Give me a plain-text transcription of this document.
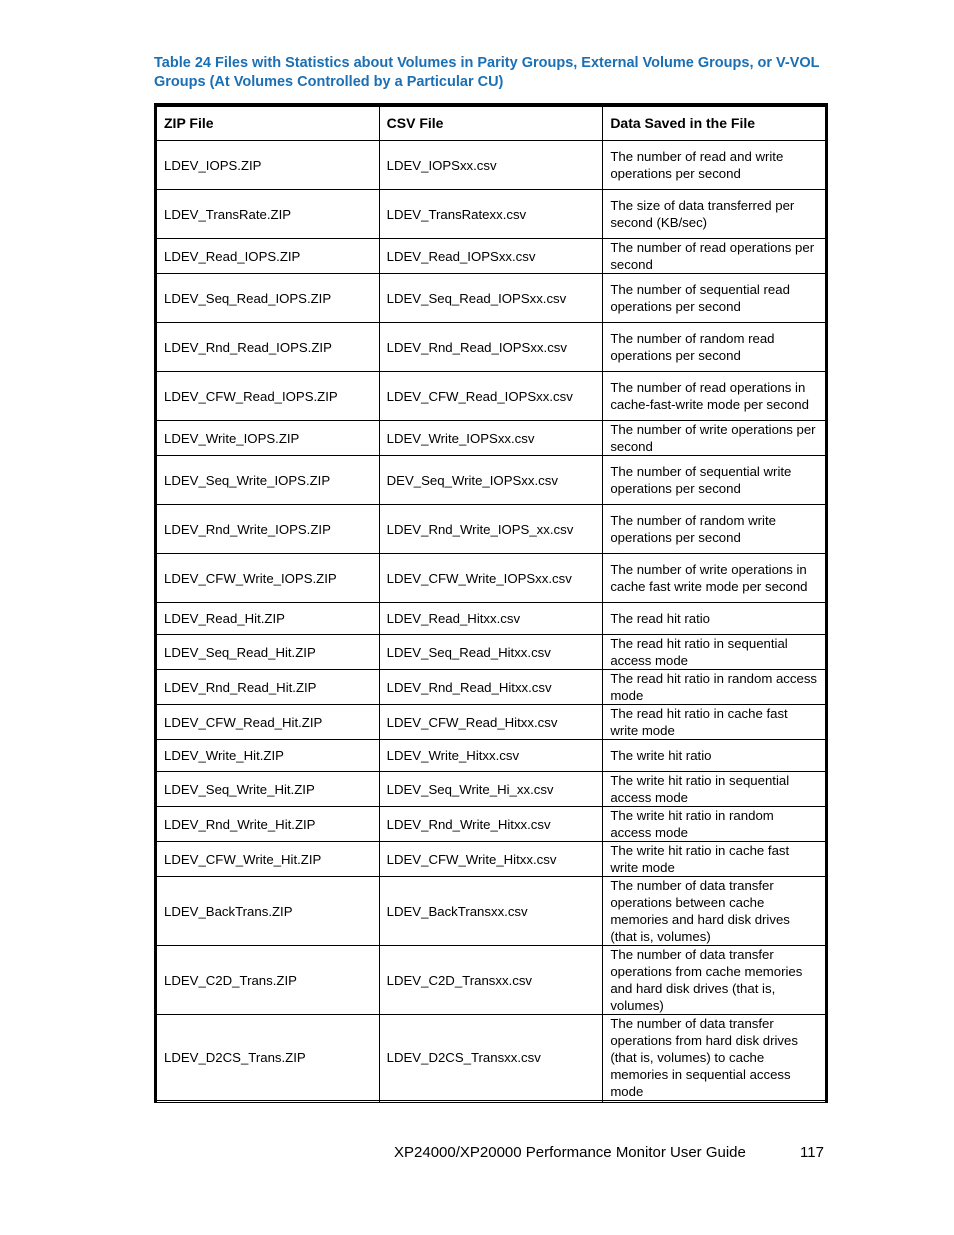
Table 24 Files with Statistics about Volumes in Parity Groups, External Volume Groups, or V-VOL Groups (At Volumes Controlled by a Particular CU)
ZIP File	CSV File	Data Saved in the File
LDEV_IOPS.ZIP	LDEV_IOPSxx.csv	The number of read and write operations per second
LDEV_TransRate.ZIP	LDEV_TransRatexx.csv	The size of data transferred per second (KB/sec)
LDEV_Read_IOPS.ZIP	LDEV_Read_IOPSxx.csv	The number of read operations per second
LDEV_Seq_Read_IOPS.ZIP	LDEV_Seq_Read_IOPSxx.csv	The number of sequential read operations per second
LDEV_Rnd_Read_IOPS.ZIP	LDEV_Rnd_Read_IOPSxx.csv	The number of random read operations per second
LDEV_CFW_Read_IOPS.ZIP	LDEV_CFW_Read_IOPSxx.csv	The number of read operations in cache-fast-write mode per second
LDEV_Write_IOPS.ZIP	LDEV_Write_IOPSxx.csv	The number of write operations per second
LDEV_Seq_Write_IOPS.ZIP	DEV_Seq_Write_IOPSxx.csv	The number of sequential write operations per second
LDEV_Rnd_Write_IOPS.ZIP	LDEV_Rnd_Write_IOPS_xx.csv	The number of random write operations per second
LDEV_CFW_Write_IOPS.ZIP	LDEV_CFW_Write_IOPSxx.csv	The number of write operations in cache fast write mode per second
LDEV_Read_Hit.ZIP	LDEV_Read_Hitxx.csv	The read hit ratio
LDEV_Seq_Read_Hit.ZIP	LDEV_Seq_Read_Hitxx.csv	The read hit ratio in sequential access mode
LDEV_Rnd_Read_Hit.ZIP	LDEV_Rnd_Read_Hitxx.csv	The read hit ratio in random access mode
LDEV_CFW_Read_Hit.ZIP	LDEV_CFW_Read_Hitxx.csv	The read hit ratio in cache fast write mode
LDEV_Write_Hit.ZIP	LDEV_Write_Hitxx.csv	The write hit ratio
LDEV_Seq_Write_Hit.ZIP	LDEV_Seq_Write_Hi_xx.csv	The write hit ratio in sequential access mode
LDEV_Rnd_Write_Hit.ZIP	LDEV_Rnd_Write_Hitxx.csv	The write hit ratio in random access mode
LDEV_CFW_Write_Hit.ZIP	LDEV_CFW_Write_Hitxx.csv	The write hit ratio in cache fast write mode
LDEV_BackTrans.ZIP	LDEV_BackTransxx.csv	The number of data transfer operations between cache memories and hard disk drives (that is, volumes)
LDEV_C2D_Trans.ZIP	LDEV_C2D_Transxx.csv	The number of data transfer operations from cache memories and hard disk drives (that is, volumes)
LDEV_D2CS_Trans.ZIP	LDEV_D2CS_Transxx.csv	The number of data transfer operations from hard disk drives (that is, volumes) to cache memories in sequential access mode

XP24000/XP20000 Performance Monitor User Guide	117
